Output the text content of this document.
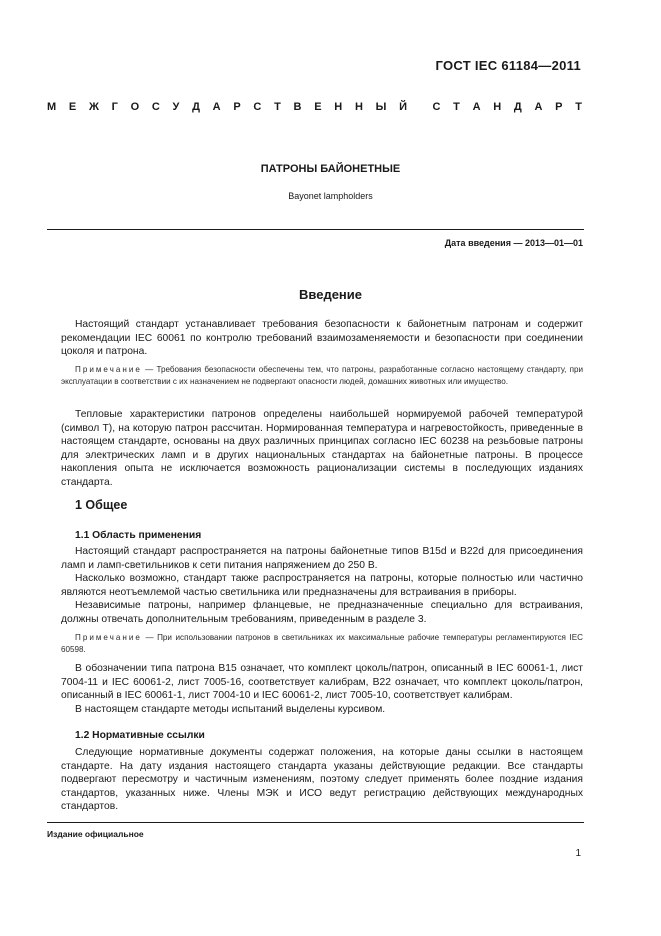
ГОСТ IEC 61184—2011
М Е Ж Г О С У Д А Р С Т В Е Н Н Ы Й С Т А Н Д А Р Т
ПАТРОНЫ БАЙОНЕТНЫЕ
Bayonet lampholders
Дата введения — 2013—01—01
Введение

Настоящий стандарт устанавливает требования безопасности к байонетным патронам и содержит рекомендации IEC 60061 по контролю требований взаимозаменяемости и безопасности при соединении цоколя и патрона.

Примечание — Требования безопасности обеспечены тем, что патроны, разработанные согласно настоящему стандарту, при эксплуатации в соответствии с их назначением не подвергают опасности людей, домашних животных или имущество.

Тепловые характеристики патронов определены наибольшей нормируемой рабочей температурой (символ T), на которую патрон рассчитан. Нормированная температура и нагревостойкость, приведенные в настоящем стандарте, основаны на двух различных принципах согласно IEC 60238 на резьбовые патроны для электрических ламп и в других национальных стандартах на байонетные патроны. В процессе накопления опыта не исключается возможность рационализации системы в последующих изданиях стандарта.

1 Общее
1.1 Область применения

Настоящий стандарт распространяется на патроны байонетные типов B15d и B22d для присоединения ламп и ламп-светильников к сети питания напряжением до 250 В.

Насколько возможно, стандарт также распространяется на патроны, которые полностью или частично являются неотъемлемой частью светильника или предназначены для встраивания в приборы.

Независимые патроны, например фланцевые, не предназначенные специально для встраивания, должны отвечать дополнительным требованиям, приведенным в разделе 3.

Примечание — При использовании патронов в светильниках их максимальные рабочие температуры регламентируются IEC 60598.

В обозначении типа патрона B15 означает, что комплект цоколь/патрон, описанный в IEC 60061-1, лист 7004-11 и IEC 60061-2, лист 7005-16, соответствует калибрам, B22 означает, что комплект цоколь/патрон, описанный в IEC 60061-1, лист 7004-10 и IEC 60061-2, лист 7005-10, соответствует калибрам.

В настоящем стандарте методы испытаний выделены курсивом.

1.2 Нормативные ссылки

Следующие нормативные документы содержат положения, на которые даны ссылки в настоящем стандарте. На дату издания настоящего стандарта указаны действующие редакции. Все стандарты подвергают пересмотру и частичным изменениям, поэтому следует применять более поздние издания стандартов, указанных ниже. Члены МЭК и ИСО ведут регистрацию действующих международных стандартов.

Издание официальное
1
